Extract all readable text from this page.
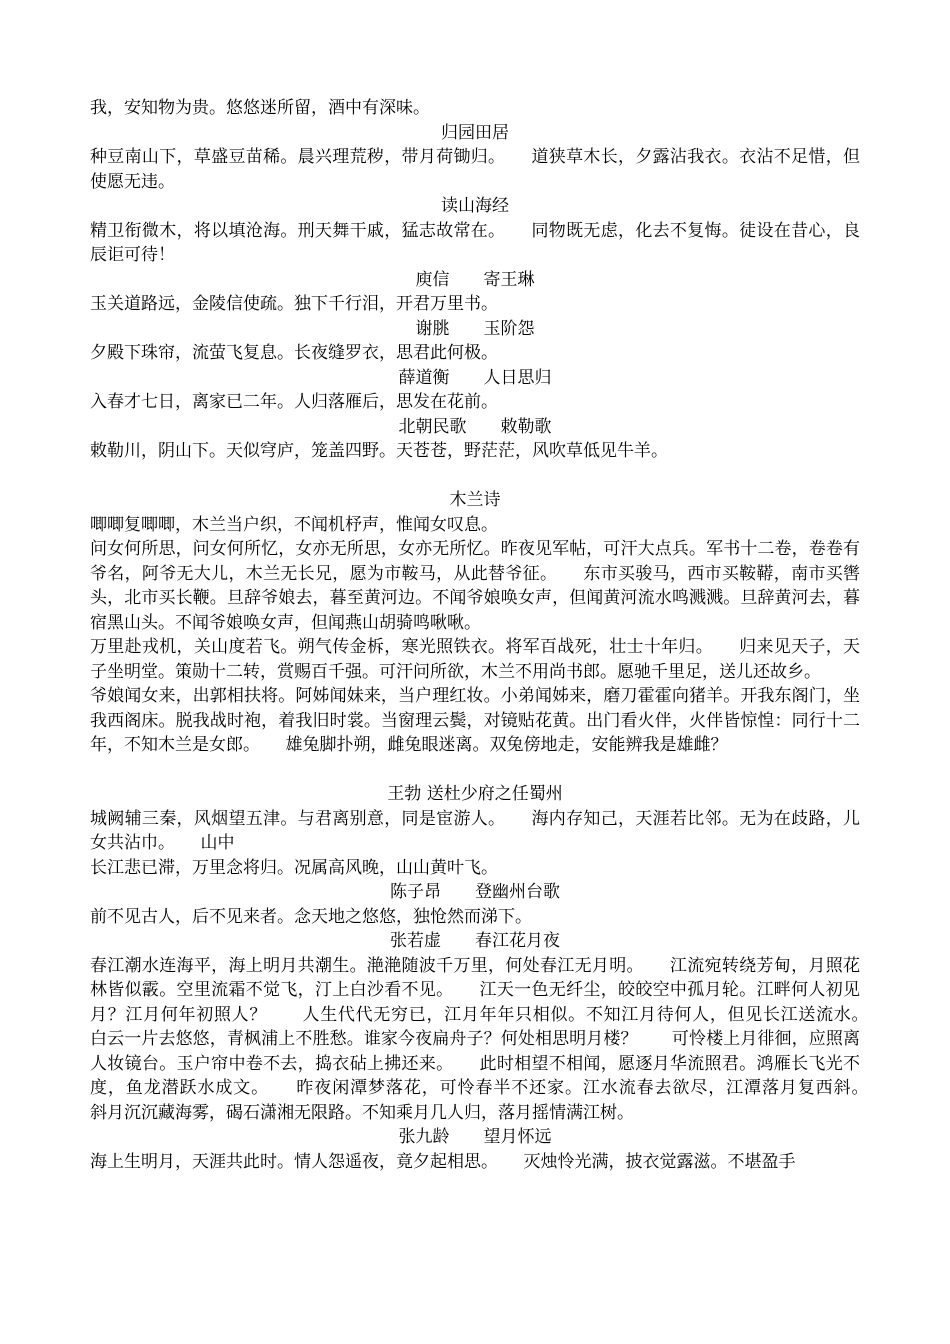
我，安知物为贵。悠悠迷所留，酒中有深味。

归园田居

种豆南山下，草盛豆苗稀。晨兴理荒秽，带月荷锄归。　　道狭草木长，夕露沾我衣。衣沾不足惜，但使愿无违。

读山海经

精卫衔微木，将以填沧海。刑天舞干戚，猛志故常在。　　同物既无虑，化去不复悔。徒设在昔心，良辰讵可待！

庾信　　寄王琳

玉关道路远，金陵信使疏。独下千行泪，开君万里书。

谢朓　　玉阶怨

夕殿下珠帘，流萤飞复息。长夜缝罗衣，思君此何极。

薛道衡　　人日思归

入春才七日，离家已二年。人归落雁后，思发在花前。

北朝民歌　　敕勒歌

敕勒川，阴山下。天似穹庐，笼盖四野。天苍苍，野茫茫，风吹草低见牛羊。

木兰诗

唧唧复唧唧，木兰当户织，不闻机杼声，惟闻女叹息。

问女何所思，问女何所忆，女亦无所思，女亦无所忆。昨夜见军帖，可汗大点兵。军书十二卷，卷卷有爷名，阿爷无大儿，木兰无长兄，愿为市鞍马，从此替爷征。　　东市买骏马，西市买鞍鞯，南市买辔头，北市买长鞭。旦辞爷娘去，暮至黄河边。不闻爷娘唤女声，但闻黄河流水鸣溅溅。旦辞黄河去，暮宿黑山头。不闻爷娘唤女声，但闻燕山胡骑鸣啾啾。

万里赴戎机，关山度若飞。朔气传金柝，寒光照铁衣。将军百战死，壮士十年归。　　归来见天子，天子坐明堂。策勋十二转，赏赐百千强。可汗问所欲，木兰不用尚书郎。愿驰千里足，送儿还故乡。

爷娘闻女来，出郭相扶将。阿姊闻妹来，当户理红妆。小弟闻姊来，磨刀霍霍向猪羊。开我东阁门，坐我西阁床。脱我战时袍，着我旧时裳。当窗理云鬓，对镜贴花黄。出门看火伴，火伴皆惊惶：同行十二年，不知木兰是女郎。　　雄兔脚扑朔，雌兔眼迷离。双兔傍地走，安能辨我是雄雌？

王勃 送杜少府之任蜀州

城阙辅三秦，风烟望五津。与君离别意，同是宦游人。　　海内存知己，天涯若比邻。无为在歧路，儿女共沾巾。　　山中

长江悲已滞，万里念将归。况属高风晚，山山黄叶飞。

陈子昂　　登幽州台歌

前不见古人，后不见来者。念天地之悠悠，独怆然而涕下。

张若虚　　春江花月夜

春江潮水连海平，海上明月共潮生。滟滟随波千万里，何处春江无月明。　　江流宛转绕芳甸，月照花林皆似霰。空里流霜不觉飞，汀上白沙看不见。　　江天一色无纤尘，皎皎空中孤月轮。江畔何人初见月？江月何年初照人？　　人生代代无穷已，江月年年只相似。不知江月待何人，但见长江送流水。　　白云一片去悠悠，青枫浦上不胜愁。谁家今夜扁舟子？何处相思明月楼？　　可怜楼上月徘徊，应照离人妆镜台。玉户帘中卷不去，捣衣砧上拂还来。　　此时相望不相闻，愿逐月华流照君。鸿雁长飞光不度，鱼龙潜跃水成文。　　昨夜闲潭梦落花，可怜春半不还家。江水流春去欲尽，江潭落月复西斜。　　斜月沉沉藏海雾，碣石潇湘无限路。不知乘月几人归，落月摇情满江树。

张九龄　　望月怀远

海上生明月，天涯共此时。情人怨遥夜，竟夕起相思。　　灭烛怜光满，披衣觉露滋。不堪盈手
